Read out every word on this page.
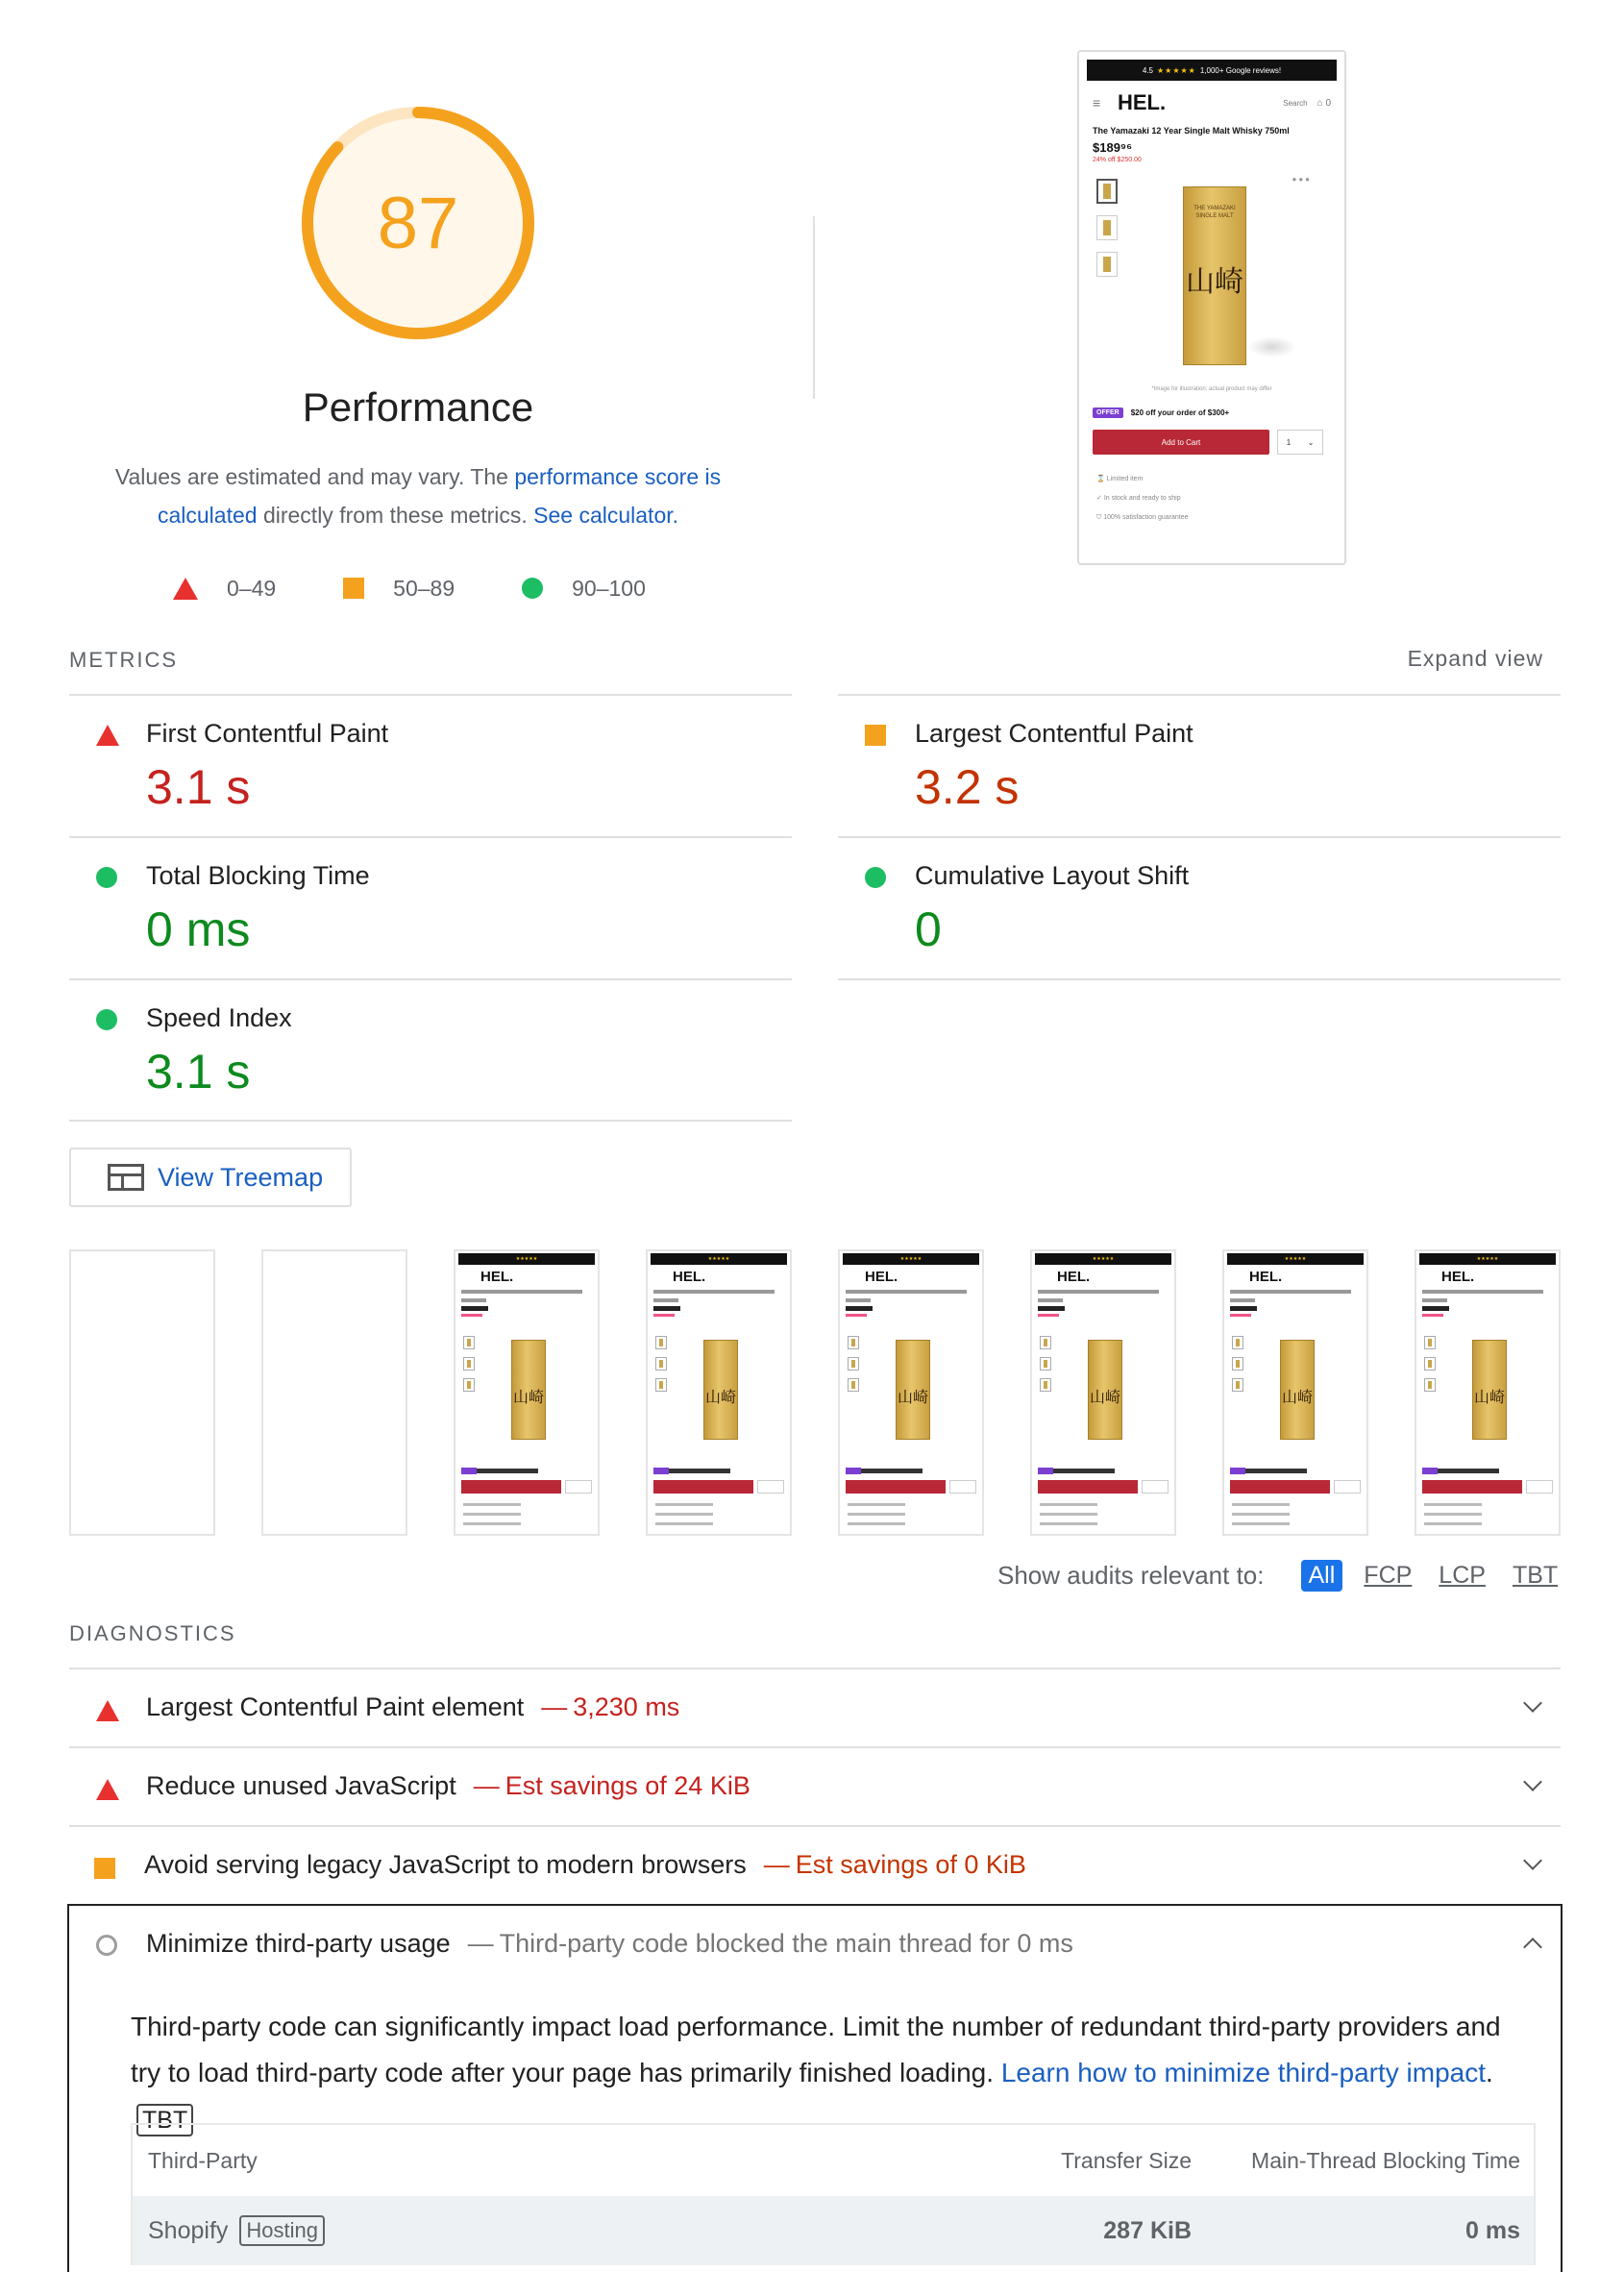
87
Performance
Values are estimated and may vary. The performance score is calculated directly from these metrics. See calculator.
0–49	50–89	90–100
4.5 ★★★★★ 1,000+ Google reviews!
≡ HEL.	Search ⌂ 0
The Yamazaki 12 Year Single Malt Whisky 750ml
$189⁹⁶
24% off $250.00
●●●
THE YAMAZAKI SINGLE MALT
山崎
*Image for illustration; actual product may differ
OFFER	$20 off your order of $300+
Add to Cart	1 ⌄
⌛ Limited item
✓ In stock and ready to ship
⛉ 100% satisfaction guarantee
METRICS	Expand view
First Contentful Paint
3.1 s
Largest Contentful Paint
3.2 s
Total Blocking Time
0 ms
Cumulative Layout Shift
0
Speed Index
3.1 s
View Treemap
★★★★★
HEL.
山崎
★★★★★
HEL.
山崎
★★★★★
HEL.
山崎
★★★★★
HEL.
山崎
★★★★★
HEL.
山崎
★★★★★
HEL.
山崎
Show audits relevant to:	All	FCP LCP TBT
DIAGNOSTICS
Largest Contentful Paint element — 3,230 ms
Reduce unused JavaScript — Est savings of 24 KiB
Avoid serving legacy JavaScript to modern browsers — Est savings of 0 KiB
Minimize third-party usage — Third-party code blocked the main thread for 0 ms
Third-party code can significantly impact load performance. Limit the number of redundant third-party providers and try to load third-party code after your page has primarily finished loading. Learn how to minimize third-party impact.TBT
Third-Party	Transfer Size	Main-Thread Blocking Time
Shopify Hosting	287 KiB	0 ms
